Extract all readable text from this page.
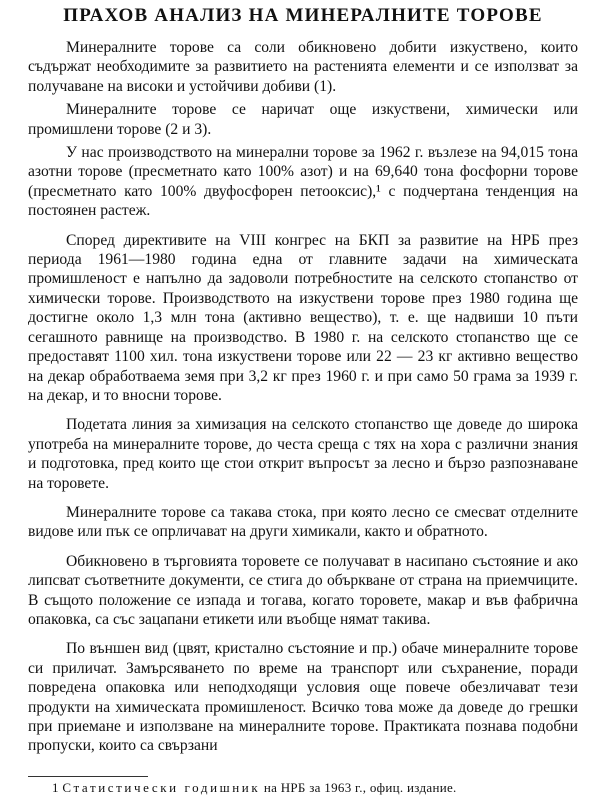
ПРАХОВ АНАЛИЗ НА МИНЕРАЛНИТЕ ТОРОВЕ

Минералните торове са соли обикновено добити изкуствено, които съдържат необходимите за развитието на растенията елементи и се използват за получаване на високи и устойчиви добиви (1).

Минералните торове се наричат още изкуствени, химически или промишлени торове (2 и 3).

У нас производството на минерални торове за 1962 г. възлезе на 94,015 тона азотни торове (пресметнато като 100% азот) и на 69,640 тона фосфорни торове (пресметнато като 100% двуфосфорен петооксис),¹ с подчертана тенденция на постоянен растеж.

Според директивите на VIII конгрес на БКП за развитие на НРБ през периода 1961—1980 година една от главните задачи на химическата промишленост е напълно да задоволи потребностите на селското стопанство от химически торове. Производството на изкуствени торове през 1980 година ще достигне около 1,3 млн тона (активно вещество), т. е. ще надвиши 10 пъти сегашното равнище на производство. В 1980 г. на селското стопанство ще се предоставят 1100 хил. тона изкуствени торове или 22 — 23 кг активно вещество на декар обработваема земя при 3,2 кг през 1960 г. и при само 50 грама за 1939 г. на декар, и то вносни торове.

Подетата линия за химизация на селското стопанство ще доведе до широка употреба на минералните торове, до честа среща с тях на хора с различни знания и подготовка, пред които ще стои открит въпросът за лесно и бързо разпознаване на торовете.

Минералните торове са такава стока, при която лесно се смесват отделните видове или пък се опрличават на други химикали, както и обратното.

Обикновено в търговията торовете се получават в насипано състояние и ако липсват съответните документи, се стига до объркване от страна на приемчиците. В същото положение се изпада и тогава, когато торовете, макар и във фабрична опаковка, са със зацапани етикети или въобще нямат такива.

По външен вид (цвят, кристално състояние и пр.) обаче минералните торове си приличат. Замърсяването по време на транспорт или съхранение, поради повредена опаковка или неподходящи условия още повече обезличават тези продукти на химическата промишленост. Всичко това може да доведе до грешки при приемане и използване на минералните торове. Практиката познава подобни пропуски, които са свързани

1 Статистически годишник на НРБ за 1963 г., офиц. издание.
